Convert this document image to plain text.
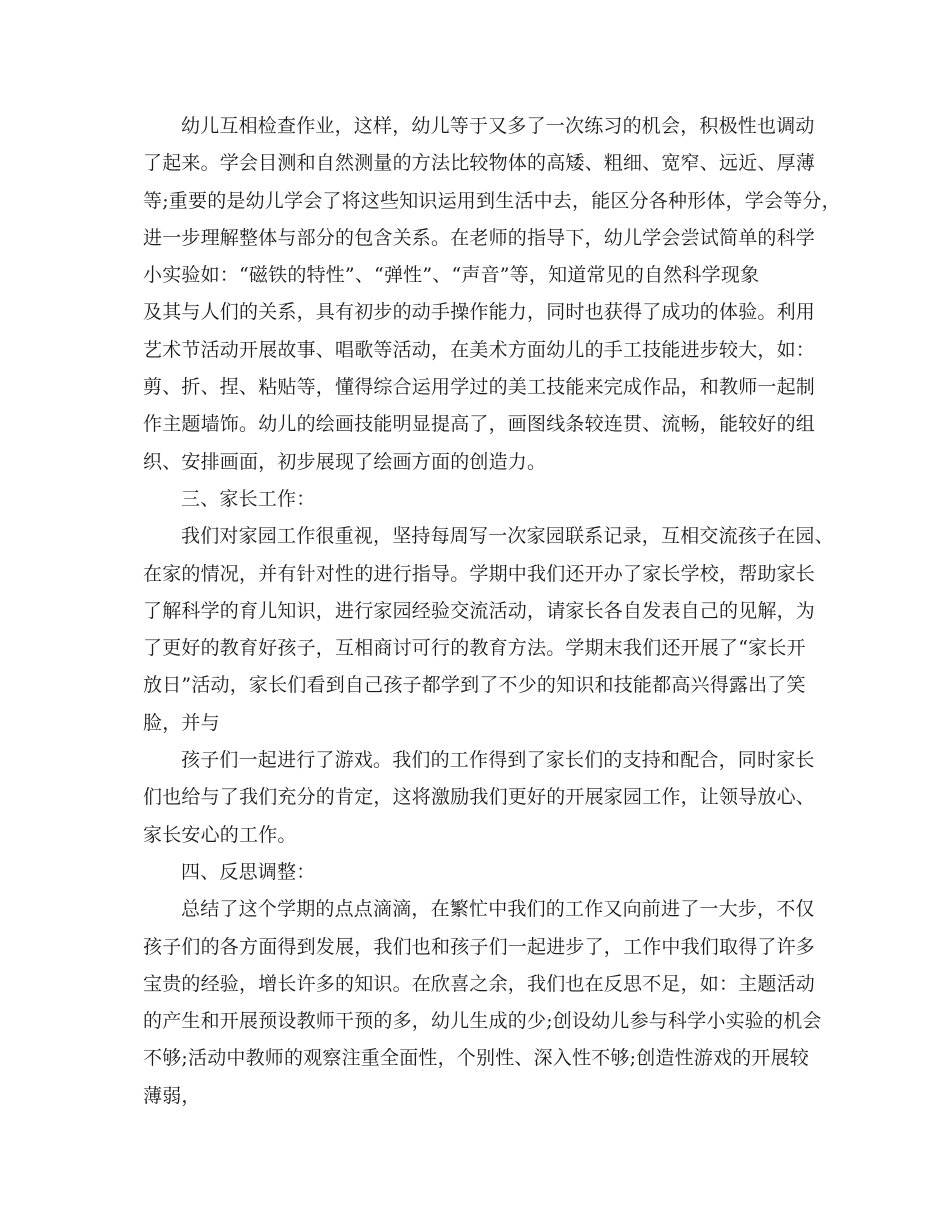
幼儿互相检查作业，这样，幼儿等于又多了一次练习的机会，积极性也调动
了起来。学会目测和自然测量的方法比较物体的高矮、粗细、宽窄、远近、厚薄
等;重要的是幼儿学会了将这些知识运用到生活中去，能区分各种形体，学会等分，
进一步理解整体与部分的包含关系。在老师的指导下，幼儿学会尝试简单的科学
小实验如：“磁铁的特性”、“弹性”、“声音”等，知道常见的自然科学现象
及其与人们的关系，具有初步的动手操作能力，同时也获得了成功的体验。利用
艺术节活动开展故事、唱歌等活动，在美术方面幼儿的手工技能进步较大，如：
剪、折、捏、粘贴等，懂得综合运用学过的美工技能来完成作品，和教师一起制
作主题墙饰。幼儿的绘画技能明显提高了，画图线条较连贯、流畅，能较好的组
织、安排画面，初步展现了绘画方面的创造力。
三、家长工作：
我们对家园工作很重视，坚持每周写一次家园联系记录，互相交流孩子在园、
在家的情况，并有针对性的进行指导。学期中我们还开办了家长学校，帮助家长
了解科学的育儿知识，进行家园经验交流活动，请家长各自发表自己的见解，为
了更好的教育好孩子，互相商讨可行的教育方法。学期末我们还开展了“家长开
放日”活动，家长们看到自己孩子都学到了不少的知识和技能都高兴得露出了笑
脸，并与
孩子们一起进行了游戏。我们的工作得到了家长们的支持和配合，同时家长
们也给与了我们充分的肯定，这将激励我们更好的开展家园工作，让领导放心、
家长安心的工作。
四、反思调整：
总结了这个学期的点点滴滴，在繁忙中我们的工作又向前进了一大步，不仅
孩子们的各方面得到发展，我们也和孩子们一起进步了，工作中我们取得了许多
宝贵的经验，增长许多的知识。在欣喜之余，我们也在反思不足，如：主题活动
的产生和开展预设教师干预的多，幼儿生成的少;创设幼儿参与科学小实验的机会
不够;活动中教师的观察注重全面性，个别性、深入性不够;创造性游戏的开展较
薄弱，
